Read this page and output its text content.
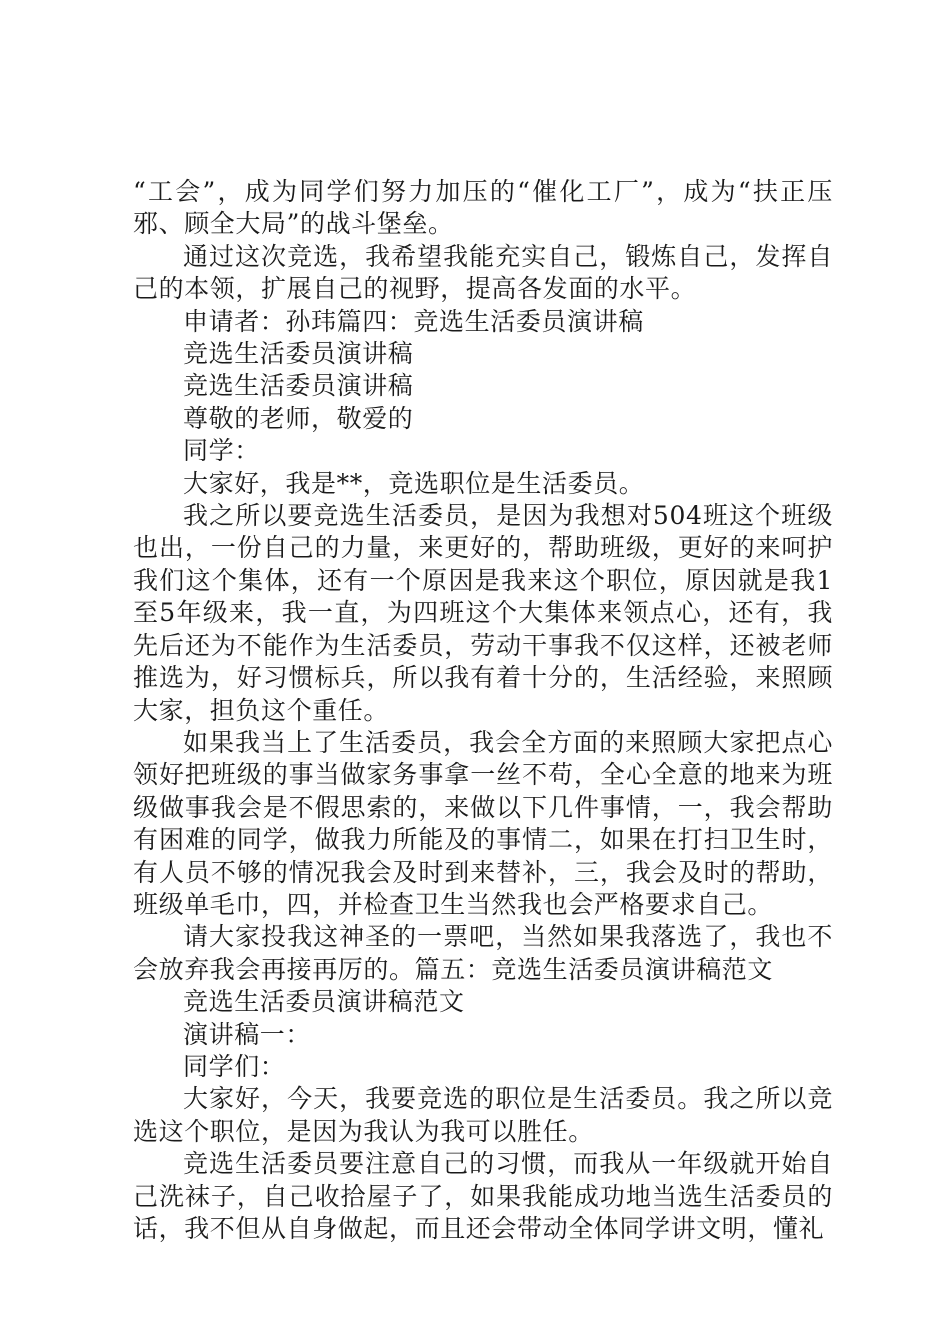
“工会”，成为同学们努力加压的“催化工厂”，成为“扶正压邪、顾全大局”的战斗堡垒。

通过这次竞选，我希望我能充实自己，锻炼自己，发挥自己的本领，扩展自己的视野，提高各发面的水平。

申请者：孙玮篇四：竞选生活委员演讲稿

竞选生活委员演讲稿

竞选生活委员演讲稿

尊敬的老师，敬爱的

同学：

大家好，我是**，竞选职位是生活委员。

我之所以要竞选生活委员，是因为我想对504班这个班级也出，一份自己的力量，来更好的，帮助班级，更好的来呵护我们这个集体，还有一个原因是我来这个职位，原因就是我1至5年级来，我一直，为四班这个大集体来领点心，还有，我先后还为不能作为生活委员，劳动干事我不仅这样，还被老师推选为，好习惯标兵，所以我有着十分的，生活经验，来照顾大家，担负这个重任。

如果我当上了生活委员，我会全方面的来照顾大家把点心领好把班级的事当做家务事拿一丝不苟，全心全意的地来为班级做事我会是不假思索的，来做以下几件事情，一，我会帮助有困难的同学，做我力所能及的事情二，如果在打扫卫生时，有人员不够的情况我会及时到来替补，三，我会及时的帮助，班级单毛巾，四，并检查卫生当然我也会严格要求自己。

请大家投我这神圣的一票吧，当然如果我落选了，我也不会放弃我会再接再厉的。篇五：竞选生活委员演讲稿范文

竞选生活委员演讲稿范文

演讲稿一：

同学们：

大家好，今天，我要竞选的职位是生活委员。我之所以竞选这个职位，是因为我认为我可以胜任。

竞选生活委员要注意自己的习惯，而我从一年级就开始自己洗袜子，自己收拾屋子了，如果我能成功地当选生活委员的话，我不但从自身做起，而且还会带动全体同学讲文明，懂礼
